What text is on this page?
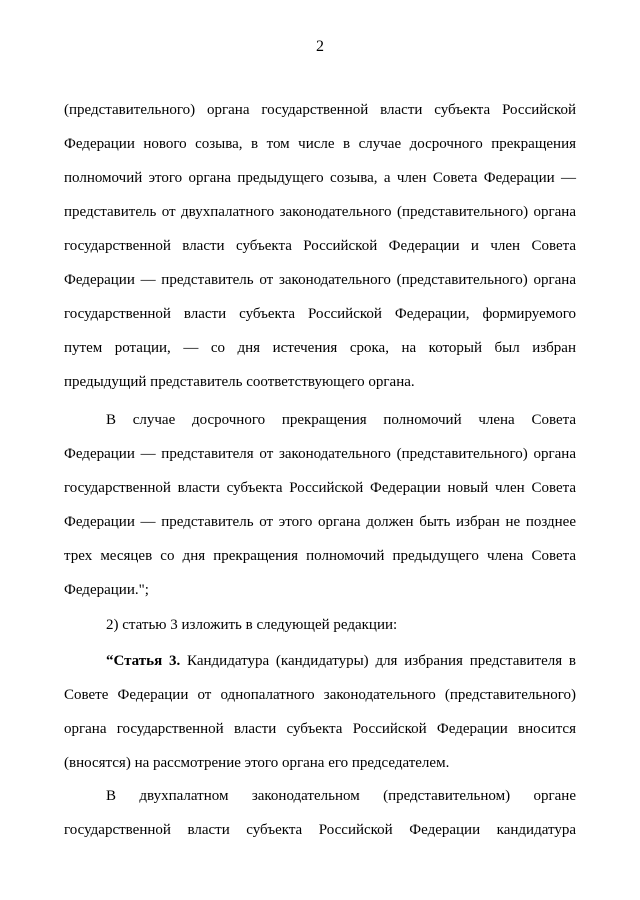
2
(представительного) органа государственной власти субъекта Российской
Федерации нового созыва, в том числе в случае досрочного прекращения
полномочий этого органа предыдущего созыва, а член Совета Федерации —
представитель от двухпалатного законодательного (представительного) органа
государственной власти субъекта Российской Федерации и член Совета
Федерации — представитель от законодательного (представительного) органа
государственной власти субъекта Российской Федерации, формируемого
путем ротации, — со дня истечения срока, на который был избран
предыдущий представитель соответствующего органа.
В случае досрочного прекращения полномочий члена Совета
Федерации — представителя от законодательного (представительного) органа
государственной власти субъекта Российской Федерации новый член Совета
Федерации — представитель от этого органа должен быть избран не позднее
трех месяцев со дня прекращения полномочий предыдущего члена Совета
Федерации.";
2) статью 3 изложить в следующей редакции:
“Статья 3. Кандидатура (кандидатуры) для избрания представителя в
Совете Федерации от однопалатного законодательного (представительного)
органа государственной власти субъекта Российской Федерации вносится
(вносятся) на рассмотрение этого органа его председателем.
В двухпалатном законодательном (представительном) органе
государственной власти субъекта Российской Федерации кандидатура
